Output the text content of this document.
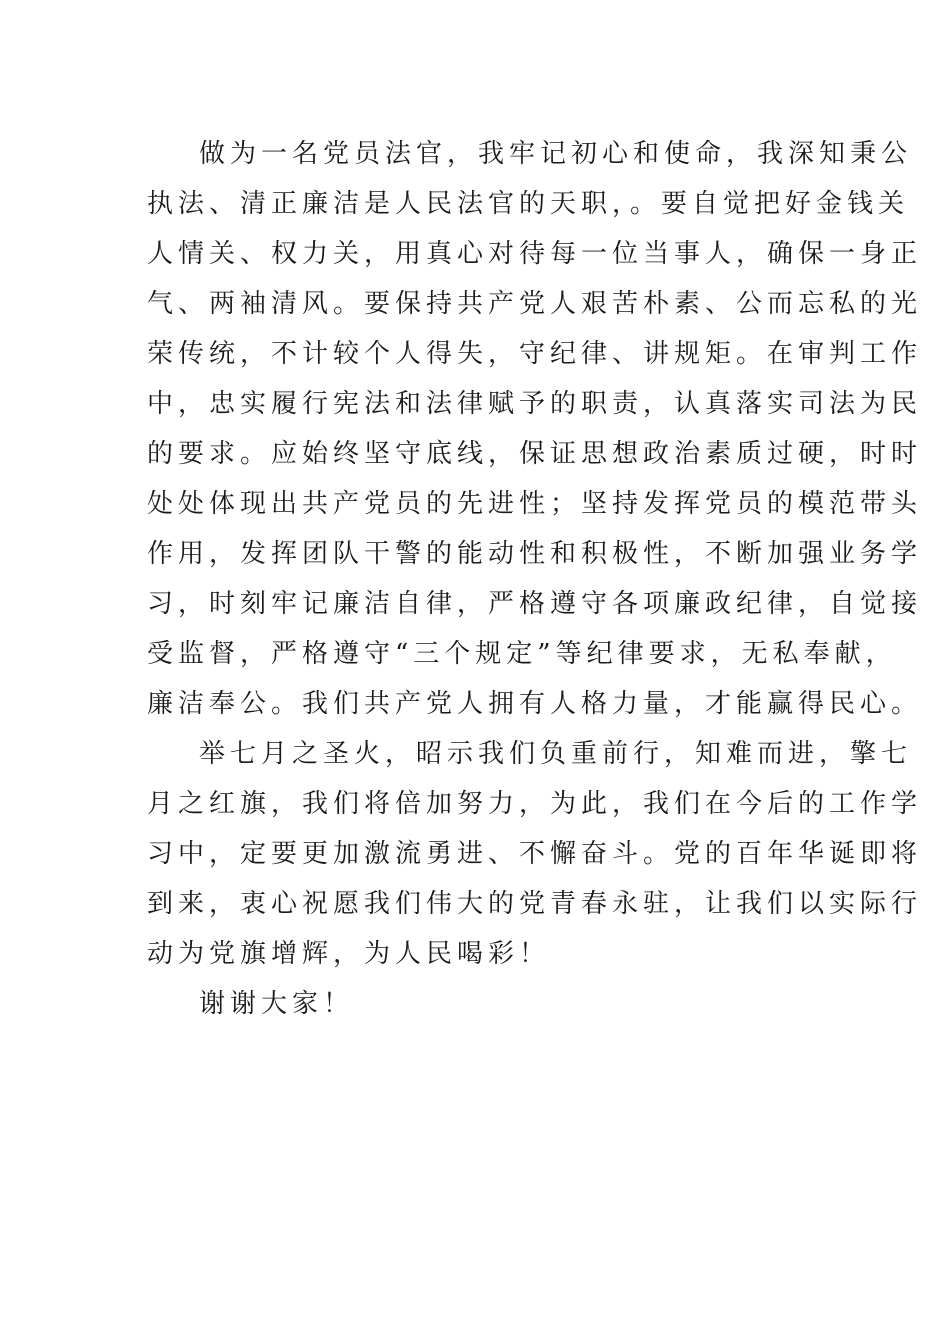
做为一名党员法官，我牢记初心和使命，我深知秉公
执法、清正廉洁是人民法官的天职，。要自觉把好金钱关
人情关、权力关，用真心对待每一位当事人，确保一身正
气、两袖清风。要保持共产党人艰苦朴素、公而忘私的光
荣传统，不计较个人得失，守纪律、讲规矩。在审判工作
中，忠实履行宪法和法律赋予的职责，认真落实司法为民
的要求。应始终坚守底线，保证思想政治素质过硬，时时
处处体现出共产党员的先进性；坚持发挥党员的模范带头
作用，发挥团队干警的能动性和积极性，不断加强业务学
习，时刻牢记廉洁自律，严格遵守各项廉政纪律，自觉接
受监督，严格遵守“三个规定”等纪律要求，无私奉献，
廉洁奉公。我们共产党人拥有人格力量，才能赢得民心。
举七月之圣火，昭示我们负重前行，知难而进，擎七
月之红旗，我们将倍加努力，为此，我们在今后的工作学
习中，定要更加激流勇进、不懈奋斗。党的百年华诞即将
到来，衷心祝愿我们伟大的党青春永驻，让我们以实际行
动为党旗增辉，为人民喝彩！
谢谢大家！
